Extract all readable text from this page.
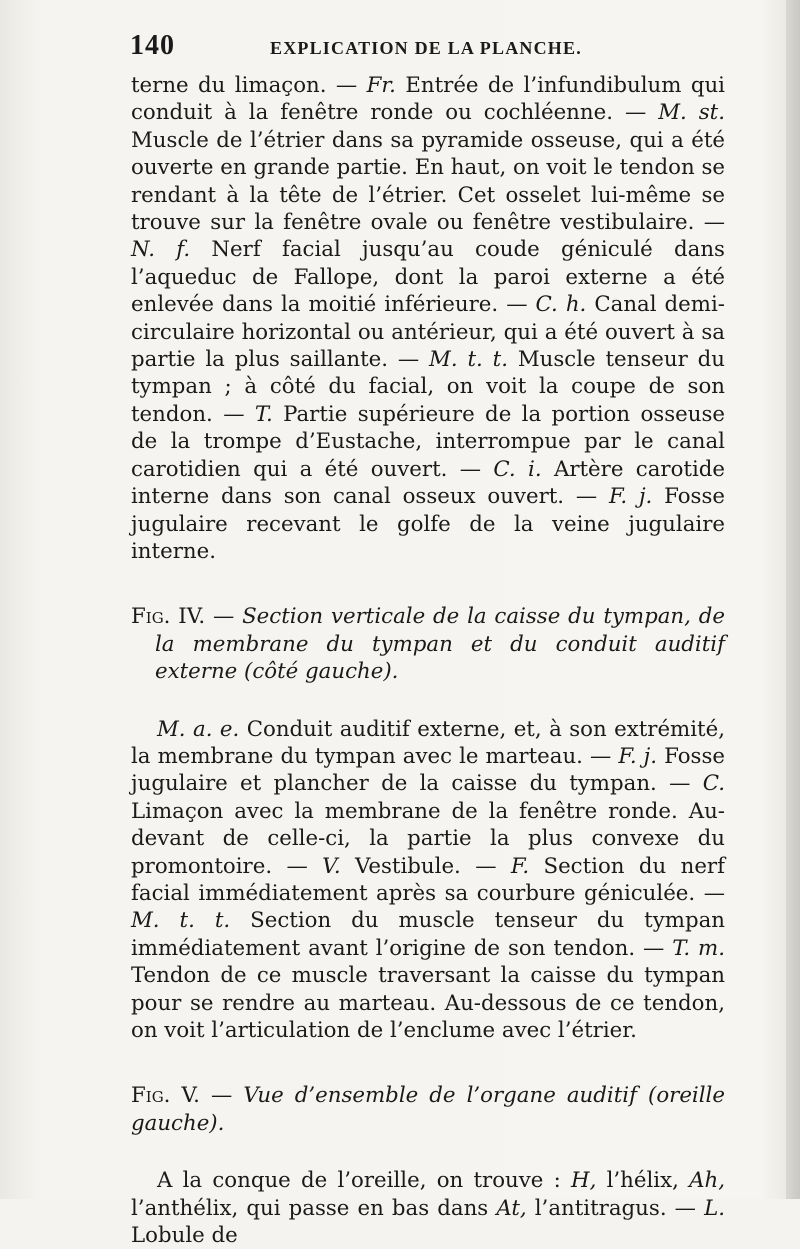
140	EXPLICATION DE LA PLANCHE.

terne du limaçon. — Fr. Entrée de l’infundibulum qui conduit à la fenêtre ronde ou cochléenne. — M. st. Muscle de l’étrier dans sa pyramide osseuse, qui a été ouverte en grande partie. En haut, on voit le tendon se rendant à la tête de l’étrier. Cet osselet lui-même se trouve sur la fenêtre ovale ou fenêtre vestibulaire. — N. f. Nerf facial jusqu’au coude géniculé dans l’aqueduc de Fallope, dont la paroi externe a été enlevée dans la moitié inférieure. — C. h. Canal demi-circulaire horizontal ou antérieur, qui a été ouvert à sa partie la plus saillante. — M. t. t. Muscle tenseur du tympan ; à côté du facial, on voit la coupe de son tendon. — T. Partie supérieure de la portion osseuse de la trompe d’Eustache, interrompue par le canal carotidien qui a été ouvert. — C. i. Artère carotide interne dans son canal osseux ouvert. — F. j. Fosse jugulaire recevant le golfe de la veine jugulaire interne.

Fig. IV. — Section verticale de la caisse du tympan, de la membrane du tympan et du conduit auditif externe (côté gauche).

M. a. e. Conduit auditif externe, et, à son extrémité, la membrane du tympan avec le marteau. — F. j. Fosse jugulaire et plancher de la caisse du tympan. — C. Limaçon avec la membrane de la fenêtre ronde. Au-devant de celle-ci, la partie la plus convexe du promontoire. — V. Vestibule. — F. Section du nerf facial immédiatement après sa courbure géniculée. — M. t. t. Section du muscle tenseur du tympan immédiatement avant l’origine de son tendon. — T. m. Tendon de ce muscle traversant la caisse du tympan pour se rendre au marteau. Au-dessous de ce tendon, on voit l’articulation de l’enclume avec l’étrier.

Fig. V. — Vue d’ensemble de l’organe auditif (oreille gauche).

A la conque de l’oreille, on trouve : H, l’hélix, Ah, l’anthélix, qui passe en bas dans At, l’antitragus. — L. Lobule de
